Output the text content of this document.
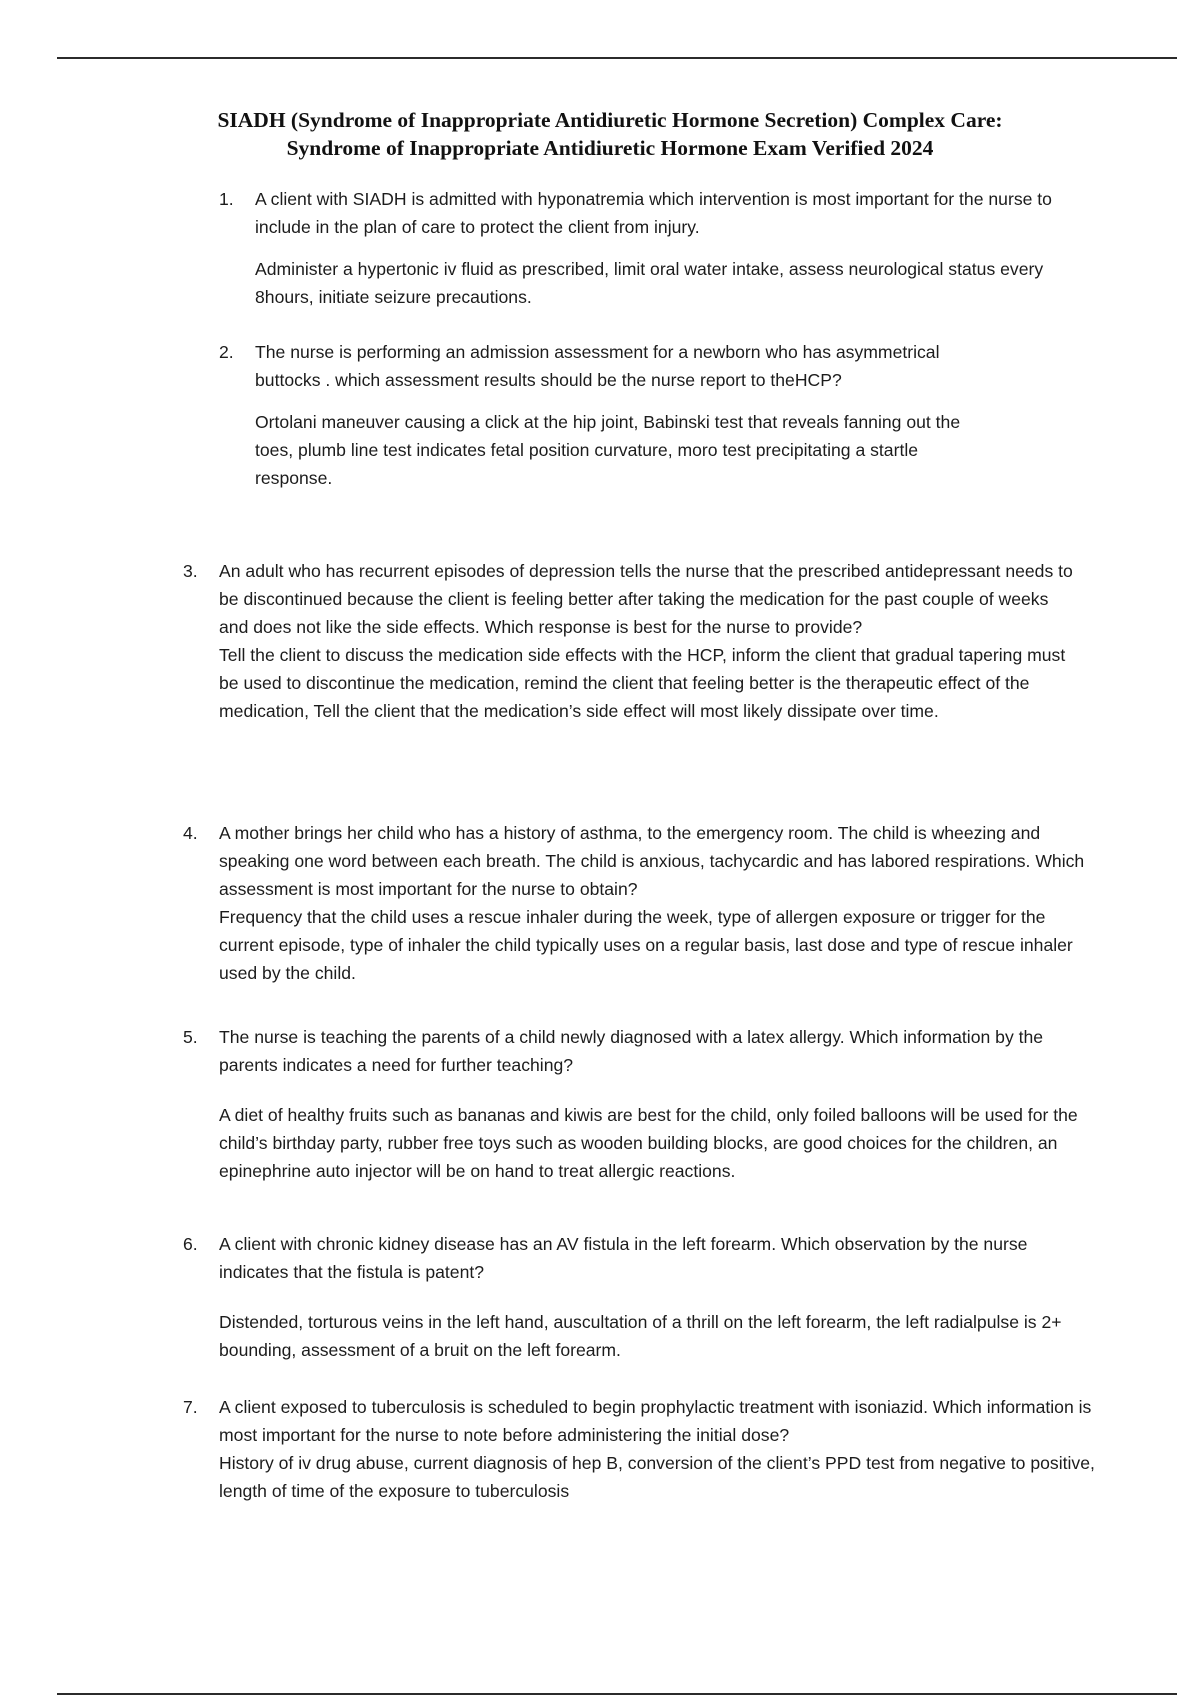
SIADH (Syndrome of Inappropriate Antidiuretic Hormone Secretion) Complex Care:
Syndrome of Inappropriate Antidiuretic Hormone Exam Verified 2024
1.	A client with SIADH is admitted with hyponatremia which intervention is most important for the nurse to include in the plan of care to protect the client from injury.

Administer a hypertonic iv fluid as prescribed, limit oral water intake, assess neurological status every 8hours, initiate seizure precautions.

2.	The nurse is performing an admission assessment for a newborn who has asymmetrical buttocks . which assessment results should be the nurse report to theHCP?

Ortolani maneuver causing a click at the hip joint, Babinski test that reveals fanning out the toes, plumb line test indicates fetal position curvature, moro test precipitating a startle response.

3.	An adult who has recurrent episodes of depression tells the nurse that the prescribed antidepressant needs to be discontinued because the client is feeling better after taking the medication for the past couple of weeks and does not like the side effects. Which response is best for the nurse to provide?

Tell the client to discuss the medication side effects with the HCP, inform the client that gradual tapering must be used to discontinue the medication, remind the client that feeling better is the therapeutic effect of the medication, Tell the client that the medication’s side effect will most likely dissipate over time.

4.	A mother brings her child who has a history of asthma, to the emergency room. The child is wheezing and speaking one word between each breath. The child is anxious, tachycardic and has labored respirations. Which assessment is most important for the nurse to obtain?

Frequency that the child uses a rescue inhaler during the week, type of allergen exposure or trigger for the current episode, type of inhaler the child typically uses on a regular basis, last dose and type of rescue inhaler used by the child.

5.	The nurse is teaching the parents of a child newly diagnosed with a latex allergy. Which information by the parents indicates a need for further teaching?

A diet of healthy fruits such as bananas and kiwis are best for the child, only foiled balloons will be used for the child’s birthday party, rubber free toys such as wooden building blocks, are good choices for the children, an epinephrine auto injector will be on hand to treat allergic reactions.

6.	A client with chronic kidney disease has an AV fistula in the left forearm. Which observation by the nurse indicates that the fistula is patent?

Distended, torturous veins in the left hand, auscultation of a thrill on the left forearm, the left radialpulse is 2+ bounding, assessment of a bruit on the left forearm.

7.	A client exposed to tuberculosis is scheduled to begin prophylactic treatment with isoniazid. Which information is most important for the nurse to note before administering the initial dose?

History of iv drug abuse, current diagnosis of hep B, conversion of the client’s PPD test from negative to positive, length of time of the exposure to tuberculosis
